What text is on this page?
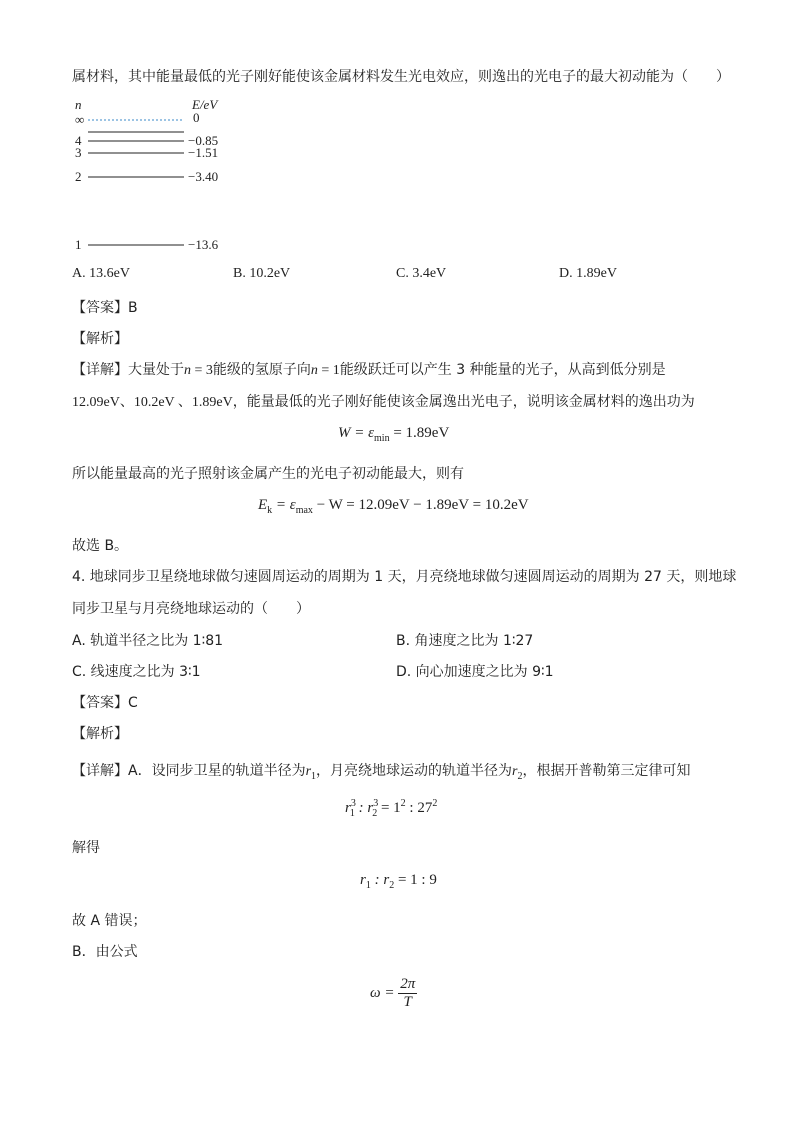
属材料，其中能量最低的光子刚好能使该金属材料发生光电效应，则逸出的光电子的最大初动能为（　　）
n	E/eV
∞	0
4	−0.85
3	−1.51
2	−3.40
1	−13.6
A. 13.6eV	B. 10.2eV	C. 3.4eV	D. 1.89eV
【答案】B
【解析】
【详解】大量处于n = 3能级的氢原子向n = 1能级跃迁可以产生 3 种能量的光子，从高到低分别是
12.09eV、10.2eV 、1.89eV，能量最低的光子刚好能使该金属逸出光电子，说明该金属材料的逸出功为
$W = \varepsilon_{min} = 1.89eV$
所以能量最高的光子照射该金属产生的光电子初动能最大，则有
$E_k = \varepsilon_{max} - W = 12.09eV - 1.89eV = 10.2eV$
故选 B。
4. 地球同步卫星绕地球做匀速圆周运动的周期为 1 天，月亮绕地球做匀速圆周运动的周期为 27 天，则地球
同步卫星与月亮绕地球运动的（　　）
A. 轨道半径之比为 1∶81	B. 角速度之比为 1∶27
C. 线速度之比为 3∶1	D. 向心加速度之比为 9∶1
【答案】C
【解析】
【详解】A．设同步卫星的轨道半径为$r_1$，月亮绕地球运动的轨道半径为$r_2$，根据开普勒第三定律可知
$r^3_1$ : $r^3_2 = 1^2$ : $27^2$
解得
$r_1$ : $r_2 = 1$ : 9
故 A 错误；
B．由公式
$\omega = \frac{2\pi}{T}$
